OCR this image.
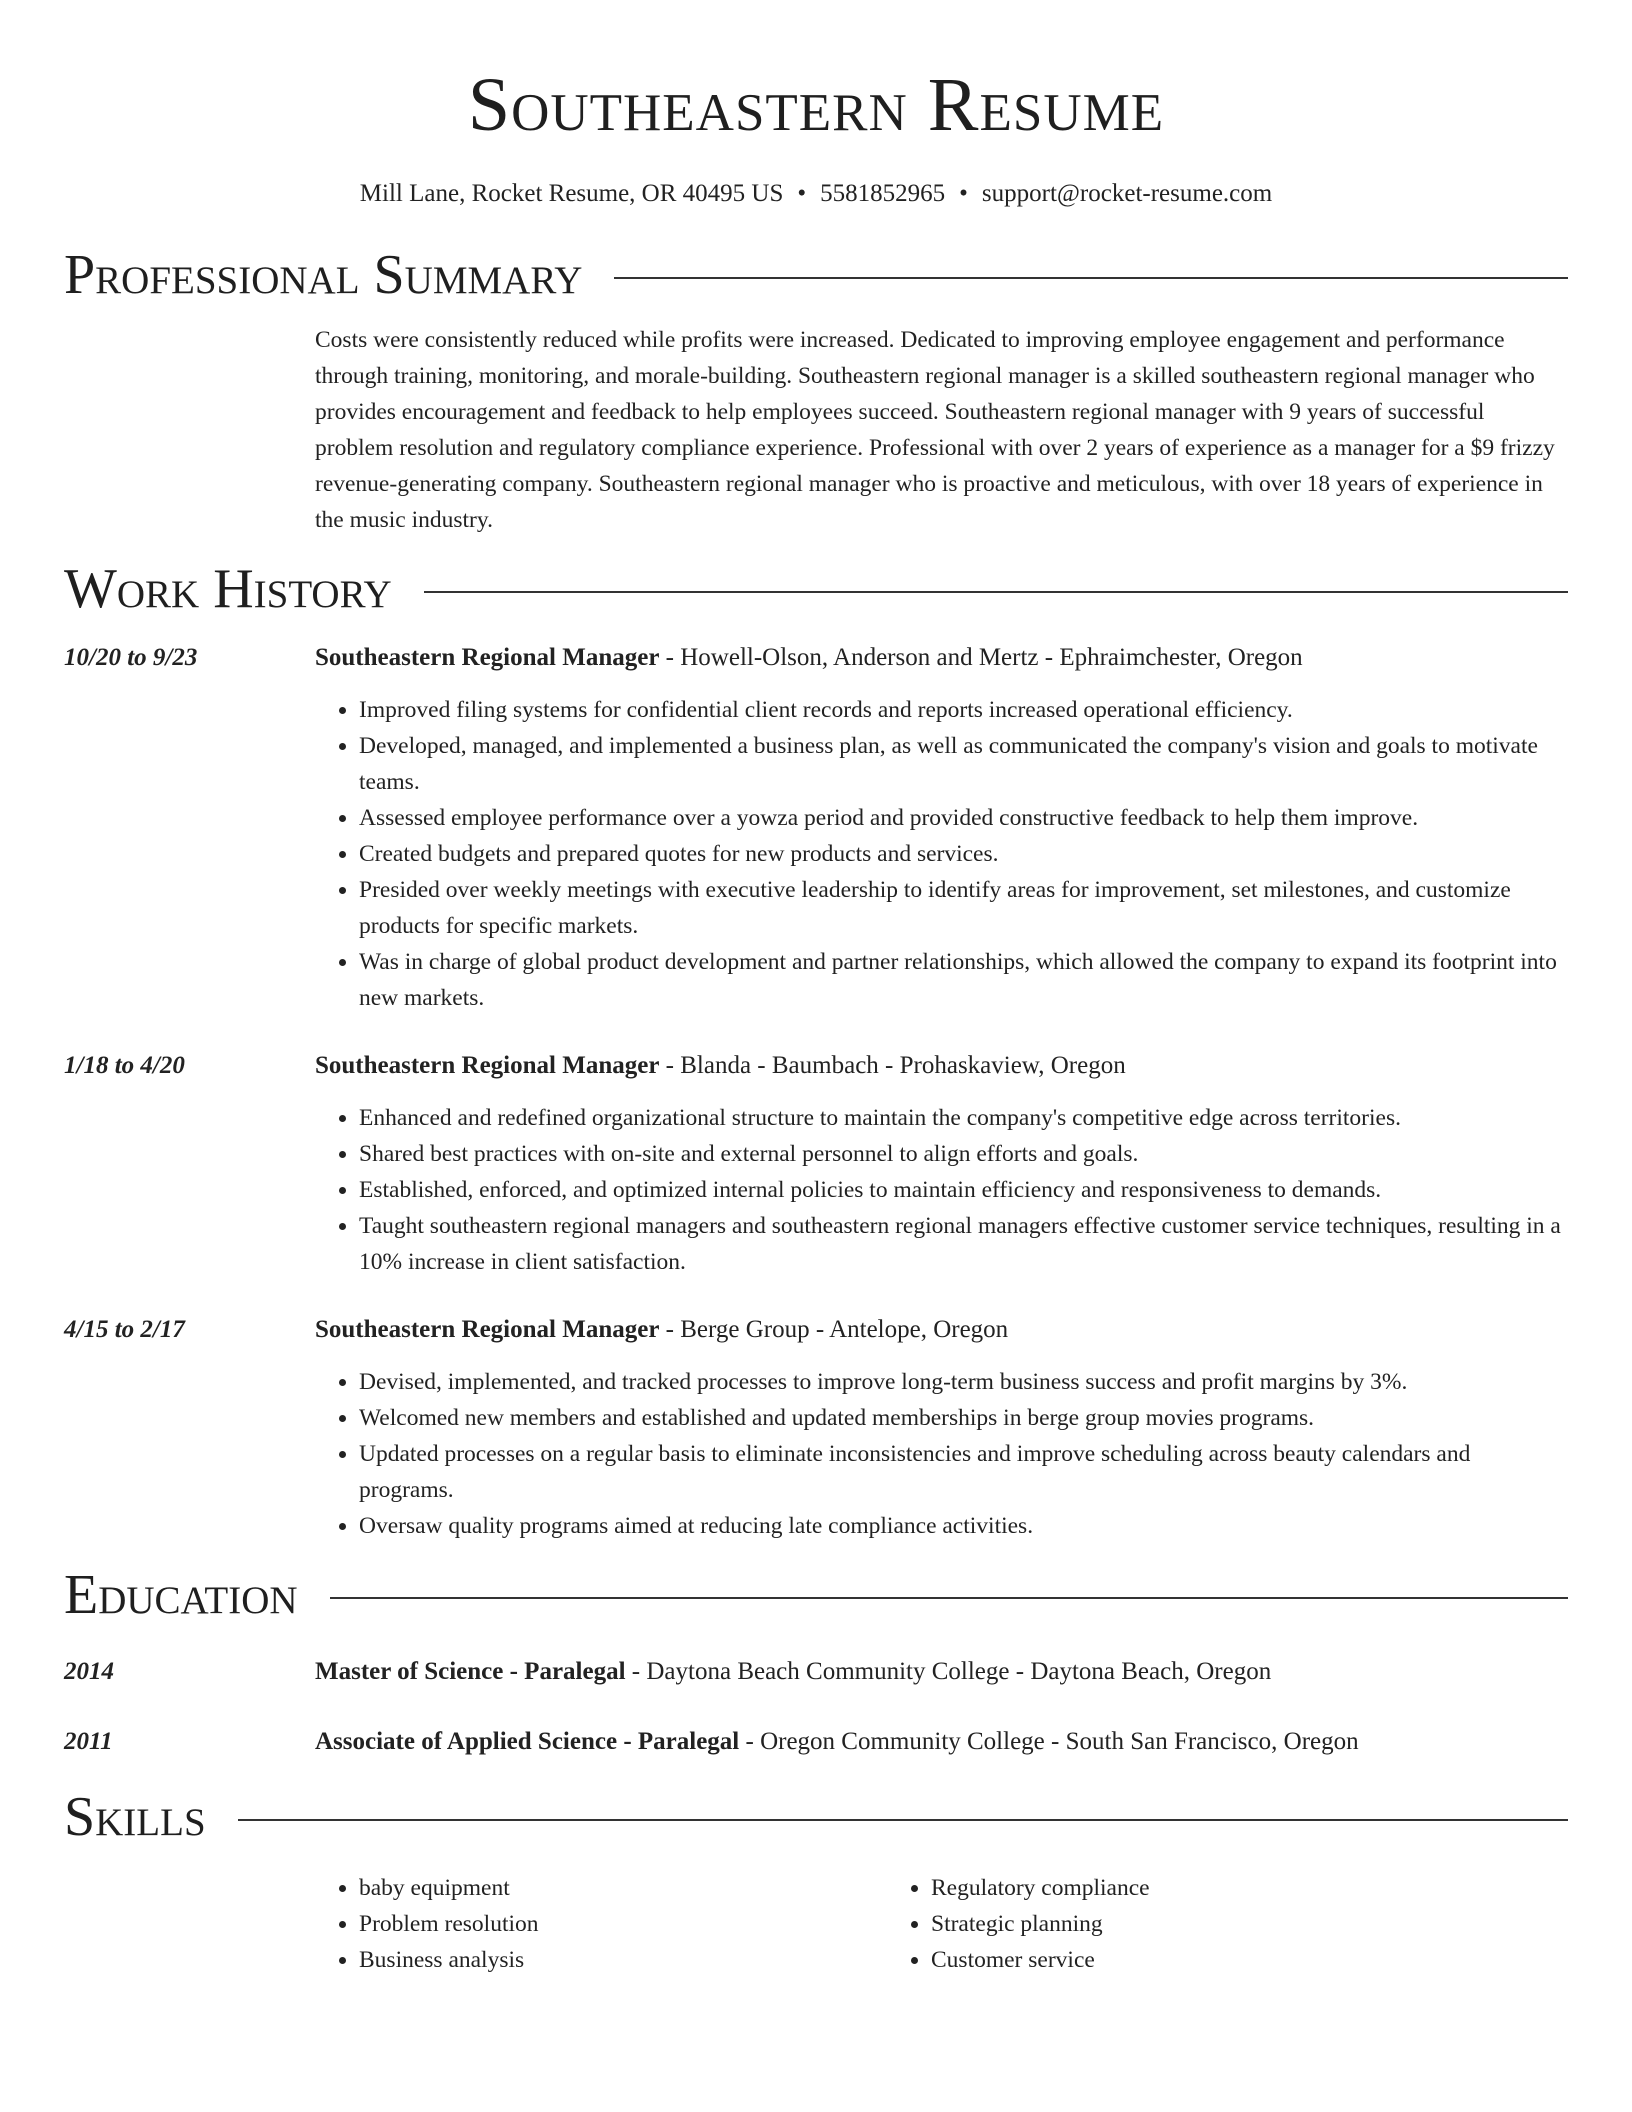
Southeastern Resume
Mill Lane, Rocket Resume, OR 40495 US • 5581852965 • support@rocket-resume.com
Professional Summary
Costs were consistently reduced while profits were increased. Dedicated to improving employee engagement and performance through training, monitoring, and morale-building. Southeastern regional manager is a skilled southeastern regional manager who provides encouragement and feedback to help employees succeed. Southeastern regional manager with 9 years of successful problem resolution and regulatory compliance experience. Professional with over 2 years of experience as a manager for a $9 frizzy revenue-generating company. Southeastern regional manager who is proactive and meticulous, with over 18 years of experience in the music industry.
Work History
10/20 to 9/23	Southeastern Regional Manager - Howell-Olson, Anderson and Mertz - Ephraimchester, Oregon
• Improved filing systems for confidential client records and reports increased operational efficiency.
• Developed, managed, and implemented a business plan, as well as communicated the company's vision and goals to motivate teams.
• Assessed employee performance over a yowza period and provided constructive feedback to help them improve.
• Created budgets and prepared quotes for new products and services.
• Presided over weekly meetings with executive leadership to identify areas for improvement, set milestones, and customize products for specific markets.
• Was in charge of global product development and partner relationships, which allowed the company to expand its footprint into new markets.
1/18 to 4/20	Southeastern Regional Manager - Blanda - Baumbach - Prohaskaview, Oregon
• Enhanced and redefined organizational structure to maintain the company's competitive edge across territories.
• Shared best practices with on-site and external personnel to align efforts and goals.
• Established, enforced, and optimized internal policies to maintain efficiency and responsiveness to demands.
• Taught southeastern regional managers and southeastern regional managers effective customer service techniques, resulting in a 10% increase in client satisfaction.
4/15 to 2/17	Southeastern Regional Manager - Berge Group - Antelope, Oregon
• Devised, implemented, and tracked processes to improve long-term business success and profit margins by 3%.
• Welcomed new members and established and updated memberships in berge group movies programs.
• Updated processes on a regular basis to eliminate inconsistencies and improve scheduling across beauty calendars and programs.
• Oversaw quality programs aimed at reducing late compliance activities.
Education
2014	Master of Science - Paralegal - Daytona Beach Community College - Daytona Beach, Oregon
2011	Associate of Applied Science - Paralegal - Oregon Community College - South San Francisco, Oregon
Skills
• baby equipment
• Problem resolution
• Business analysis
• Regulatory compliance
• Strategic planning
• Customer service
